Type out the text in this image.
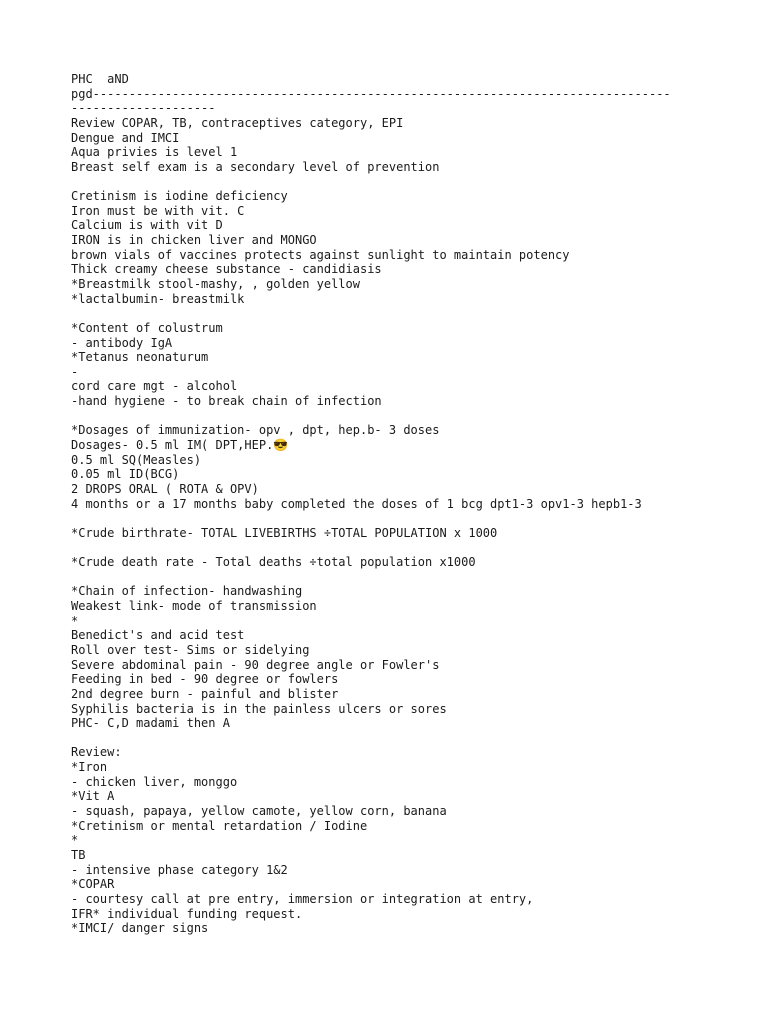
PHC  aND
pgd--------------------------------------------------------------------------------
--------------------
Review COPAR, TB, contraceptives category, EPI
Dengue and IMCI
Aqua privies is level 1
Breast self exam is a secondary level of prevention
Cretinism is iodine deficiency
Iron must be with vit. C
Calcium is with vit D
IRON is in chicken liver and MONGO
brown vials of vaccines protects against sunlight to maintain potency
Thick creamy cheese substance - candidiasis
*Breastmilk stool-mashy, , golden yellow
*lactalbumin- breastmilk
*Content of colustrum
- antibody IgA
*Tetanus neonaturum
-
cord care mgt - alcohol
-hand hygiene - to break chain of infection
*Dosages of immunization- opv , dpt, hep.b- 3 doses
Dosages- 0.5 ml IM( DPT,HEP.😎
0.5 ml SQ(Measles)
0.05 ml ID(BCG)
2 DROPS ORAL ( ROTA & OPV)
4 months or a 17 months baby completed the doses of 1 bcg dpt1-3 opv1-3 hepb1-3
*Crude birthrate- TOTAL LIVEBIRTHS ÷TOTAL POPULATION x 1000
*Crude death rate - Total deaths ÷total population x1000
*Chain of infection- handwashing
Weakest link- mode of transmission
*
Benedict's and acid test
Roll over test- Sims or sidelying
Severe abdominal pain - 90 degree angle or Fowler's
Feeding in bed - 90 degree or fowlers
2nd degree burn - painful and blister
Syphilis bacteria is in the painless ulcers or sores
PHC- C,D madami then A
Review:
*Iron
- chicken liver, monggo
*Vit A
- squash, papaya, yellow camote, yellow corn, banana
*Cretinism or mental retardation / Iodine
*
TB
- intensive phase category 1&2
*COPAR
- courtesy call at pre entry, immersion or integration at entry,
IFR* individual funding request.
*IMCI/ danger signs
